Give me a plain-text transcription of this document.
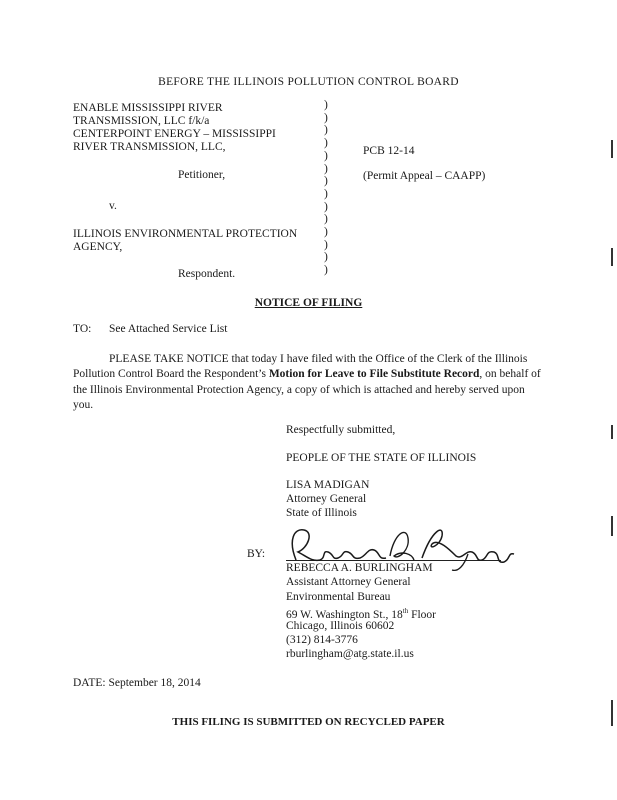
BEFORE THE ILLINOIS POLLUTION CONTROL BOARD
ENABLE MISSISSIPPI RIVER
TRANSMISSION, LLC f/k/a
CENTERPOINT ENERGY – MISSISSIPPI
RIVER TRANSMISSION, LLC,
Petitioner,
v.
ILLINOIS ENVIRONMENTAL PROTECTION
AGENCY,
Respondent.
)
)
)
)
)
)
)
)
)
)
)
)
)
)
PCB 12-14
(Permit Appeal – CAAPP)
NOTICE OF FILING
TO: See Attached Service List
PLEASE TAKE NOTICE that today I have filed with the Office of the Clerk of the Illinois Pollution Control Board the Respondent’s Motion for Leave to File Substitute Record, on behalf of the Illinois Environmental Protection Agency, a copy of which is attached and hereby served upon you.
Respectfully submitted,
PEOPLE OF THE STATE OF ILLINOIS
LISA MADIGAN
Attorney General
State of Illinois
BY:
REBECCA A. BURLINGHAM
Assistant Attorney General
Environmental Bureau
69 W. Washington St., 18th Floor
Chicago, Illinois 60602
(312) 814-3776
rburlingham@atg.state.il.us
DATE: September 18, 2014
THIS FILING IS SUBMITTED ON RECYCLED PAPER
